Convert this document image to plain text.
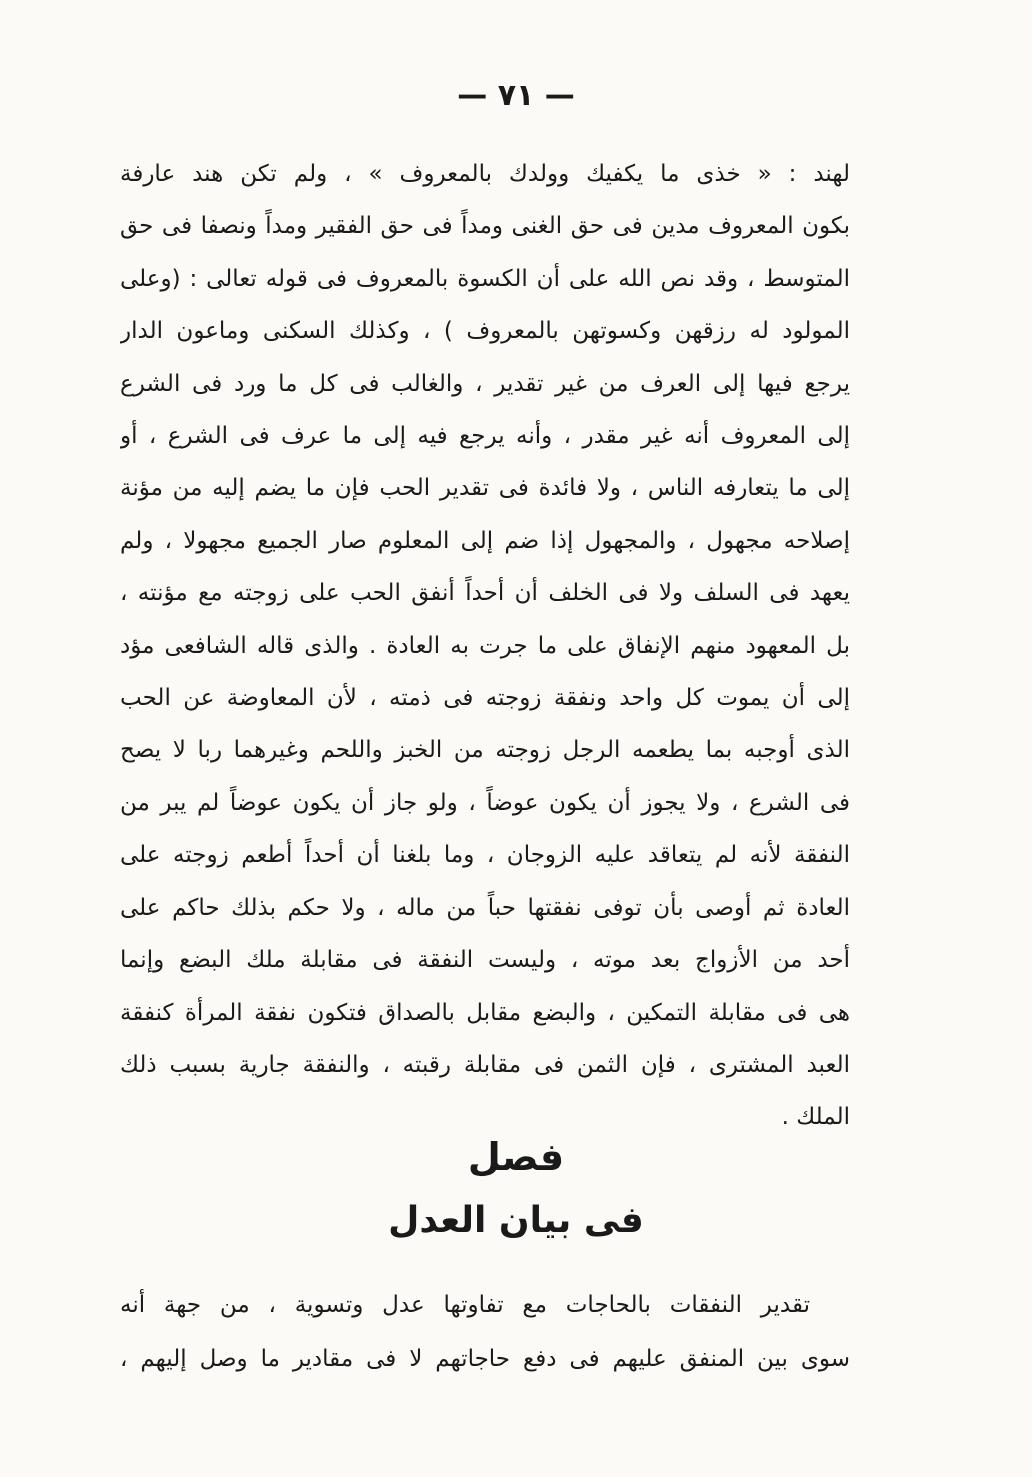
— ٧١ —
لهند : « خذى ما يكفيك وولدك بالمعروف » ، ولم تكن هند عارفة
بكون المعروف مدين فى حق الغنى ومداً فى حق الفقير ومداً ونصفا فى حق
المتوسط ، وقد نص الله على أن الكسوة بالمعروف فى قوله تعالى : (وعلى
المولود له رزقهن وكسوتهن بالمعروف ) ، وكذلك السكنى وماعون الدار
يرجع فيها إلى العرف من غير تقدير ، والغالب فى كل ما ورد فى الشرع
إلى المعروف أنه غير مقدر ، وأنه يرجع فيه إلى ما عرف فى الشرع ، أو
إلى ما يتعارفه الناس ، ولا فائدة فى تقدير الحب فإن ما يضم إليه من مؤنة
إصلاحه مجهول ، والمجهول إذا ضم إلى المعلوم صار الجميع مجهولا ، ولم
يعهد فى السلف ولا فى الخلف أن أحداً أنفق الحب على زوجته مع مؤنته ،
بل المعهود منهم الإنفاق على ما جرت به العادة . والذى قاله الشافعى مؤد
إلى أن يموت كل واحد ونفقة زوجته فى ذمته ، لأن المعاوضة عن الحب
الذى أوجبه بما يطعمه الرجل زوجته من الخبز واللحم وغيرهما ربا لا يصح
فى الشرع ، ولا يجوز أن يكون عوضاً ، ولو جاز أن يكون عوضاً لم يبر من
النفقة لأنه لم يتعاقد عليه الزوجان ، وما بلغنا أن أحداً أطعم زوجته على
العادة ثم أوصى بأن توفى نفقتها حباً من ماله ، ولا حكم بذلك حاكم على
أحد من الأزواج بعد موته ، وليست النفقة فى مقابلة ملك البضع وإنما
هى فى مقابلة التمكين ، والبضع مقابل بالصداق فتكون نفقة المرأة كنفقة
العبد المشترى ، فإن الثمن فى مقابلة رقبته ، والنفقة جارية بسبب ذلك
الملك .
فصل
فى بيان العدل
تقدير النفقات بالحاجات مع تفاوتها عدل وتسوية ، من جهة أنه
سوى بين المنفق عليهم فى دفع حاجاتهم لا فى مقادير ما وصل إليهم ،
